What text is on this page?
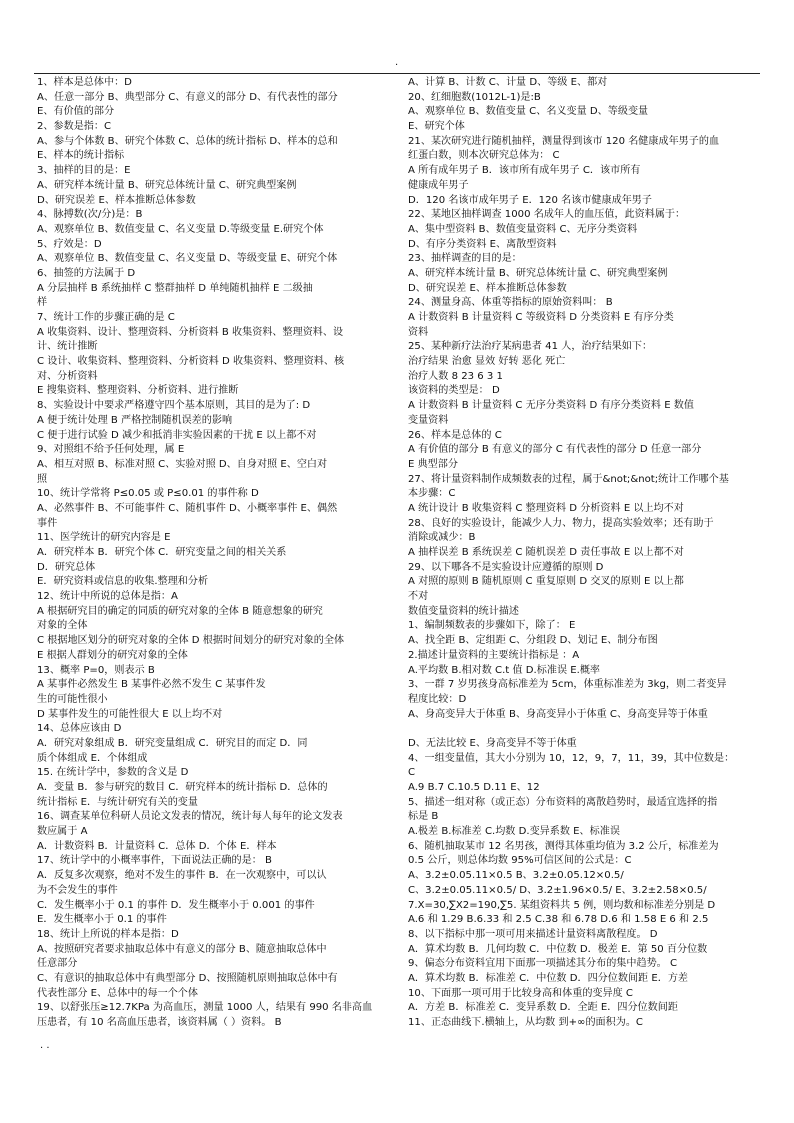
.
1、样本是总体中：D
A、任意一部分 B、典型部分 C、有意义的部分 D、有代表性的部分
E、有价值的部分
2、参数是指：C
A、参与个体数 B、研究个体数 C、总体的统计指标 D、样本的总和
E、样本的统计指标
3、抽样的目的是：E
A、研究样本统计量 B、研究总体统计量 C、研究典型案例
D、研究误差 E、样本推断总体参数
4、脉搏数(次/分)是：B
A、观察单位 B、数值变量 C、名义变量 D.等级变量 E.研究个体
5、疗效是：D
A、观察单位 B、数值变量 C、名义变量 D、等级变量 E、研究个体
6、抽签的方法属于 D
A 分层抽样 B 系统抽样 C 整群抽样 D 单纯随机抽样 E 二级抽
样
7、统计工作的步骤正确的是 C
A 收集资料、设计、整理资料、分析资料 B 收集资料、整理资料、设
计、统计推断
C 设计、收集资料、整理资料、分析资料 D 收集资料、整理资料、核
对、分析资料
E 搜集资料、整理资料、分析资料、进行推断
8、实验设计中要求严格遵守四个基本原则，其目的是为了: D
A 便于统计处理 B 严格控制随机误差的影响
C 便于进行试验 D 减少和抵消非实验因素的干扰 E 以上都不对
9、对照组不给予任何处理，属 E
A、相互对照 B、标准对照 C、实验对照 D、自身对照 E、空白对
照
10、统计学常将 P≤0.05 或 P≤0.01 的事件称 D
A、必然事件 B、不可能事件 C、随机事件 D、小概率事件 E、偶然
事件
11、医学统计的研究内容是 E
A．研究样本 B．研究个体 C．研究变量之间的相关关系
D．研究总体
E．研究资料或信息的收集.整理和分析
12、统计中所说的总体是指：A
A 根据研究目的确定的同质的研究对象的全体 B 随意想象的研究
对象的全体
C 根据地区划分的研究对象的全体 D 根据时间划分的研究对象的全体
E 根据人群划分的研究对象的全体
13、概率 P=0，则表示 B
A 某事件必然发生 B 某事件必然不发生 C 某事件发
生的可能性很小
D 某事件发生的可能性很大 E 以上均不对
14、总体应该由 D
A．研究对象组成 B．研究变量组成 C．研究目的而定 D．同
质个体组成 E．个体组成
15. 在统计学中，参数的含义是 D
A．变量 B．参与研究的数目 C．研究样本的统计指标 D．总体的
统计指标 E．与统计研究有关的变量
16、调查某单位科研人员论文发表的情况，统计每人每年的论文发表
数应属于 A
A．计数资料 B．计量资料 C．总体 D．个体 E．样本
17、统计学中的小概率事件，下面说法正确的是： B
A．反复多次观察，绝对不发生的事件 B．在一次观察中，可以认
为不会发生的事件
C．发生概率小于 0.1 的事件 D．发生概率小于 0.001 的事件
E．发生概率小于 0.1 的事件
18、统计上所说的样本是指：D
A、按照研究者要求抽取总体中有意义的部分 B、随意抽取总体中
任意部分
C、有意识的抽取总体中有典型部分 D、按照随机原则抽取总体中有
代表性部分 E、总体中的每一个个体
19、以舒张压≥12.7KPa 为高血压，测量 1000 人，结果有 990 名非高血
压患者，有 10 名高血压患者，该资料属（ ）资料。 B
A、计算 B、计数 C、计量 D、等级 E、都对
20、红细胞数(1012L-1)是:B
A、观察单位 B、数值变量 C、名义变量 D、等级变量
E、研究个体
21、某次研究进行随机抽样，测量得到该市 120 名健康成年男子的血
红蛋白数，则本次研究总体为： C
A 所有成年男子 B．该市所有成年男子 C．该市所有
健康成年男子
D．120 名该市成年男子 E．120 名该市健康成年男子
22、某地区抽样调查 1000 名成年人的血压值，此资料属于：
A、集中型资料 B、数值变量资料 C、无序分类资料
D、有序分类资料 E、离散型资料
23、抽样调查的目的是：
A、研究样本统计量 B、研究总体统计量 C、研究典型案例
D、研究误差 E、样本推断总体参数
24、测量身高、体重等指标的原始资料叫： B
A 计数资料 B 计量资料 C 等级资料 D 分类资料 E 有序分类
资料
25、某种新疗法治疗某病患者 41 人，治疗结果如下：
治疗结果 治愈 显效 好转 恶化 死亡
治疗人数 8 23 6 3 1
该资料的类型是： D
A 计数资料 B 计量资料 C 无序分类资料 D 有序分类资料 E 数值
变量资料
26、样本是总体的 C
A 有价值的部分 B 有意义的部分 C 有代表性的部分 D 任意一部分
E 典型部分
27、将计量资料制作成频数表的过程，属于&not;&not;统计工作哪个基
本步骤：C
A 统计设计 B 收集资料 C 整理资料 D 分析资料 E 以上均不对
28、良好的实验设计，能减少人力、物力，提高实验效率；还有助于
消除或减少：B
A 抽样误差 B 系统误差 C 随机误差 D 责任事故 E 以上都不对
29、以下哪各不是实验设计应遵循的原则 D
A 对照的原则 B 随机原则 C 重复原则 D 交叉的原则 E 以上都
不对
数值变量资料的统计描述
1、编制频数表的步骤如下，除了： E
A、找全距 B、定组距 C、分组段 D、划记 E、制分布图
2.描述计量资料的主要统计指标是 ：A
A.平均数 B.相对数 C.t 值 D.标准误 E.概率
3、一群 7 岁男孩身高标准差为 5cm，体重标准差为 3kg，则二者变异
程度比较：D
A、身高变异大于体重 B、身高变异小于体重 C、身高变异等于体重
D、无法比较 E、身高变异不等于体重
4、一组变量值，其大小分别为 10，12，9，7，11，39，其中位数是：
C
A.9 B.7 C.10.5 D.11 E、12
5、描述一组对称（或正态）分布资料的离散趋势时，最适宜选择的指
标是 B
A.极差 B.标准差 C.均数 D.变异系数 E、标准误
6、随机抽取某市 12 名男孩，测得其体重均值为 3.2 公斤，标准差为
0.5 公斤，则总体均数 95%可信区间的公式是：C
A、3.2±0.05.11×0.5 B、3.2±0.05.12×0.5/
C、3.2±0.05.11×0.5/ D、3.2±1.96×0.5/ E、3.2±2.58×0.5/
7.X=30,∑X2=190,∑5. 某组资料共 5 例，则均数和标准差分别是 D
A.6 和 1.29 B.6.33 和 2.5 C.38 和 6.78 D.6 和 1.58 E 6 和 2.5
8、以下指标中那一项可用来描述计量资料离散程度。 D
A．算术均数 B．几何均数 C．中位数 D．极差 E．第 50 百分位数
9、偏态分布资料宜用下面那一项描述其分布的集中趋势。 C
A．算术均数 B．标准差 C．中位数 D．四分位数间距 E．方差
10、下面那一项可用于比较身高和体重的变异度 C
A．方差 B．标准差 C．变异系数 D．全距 E．四分位数间距
11、正态曲线下.横轴上，从均数 到+∞的面积为。C
. .
